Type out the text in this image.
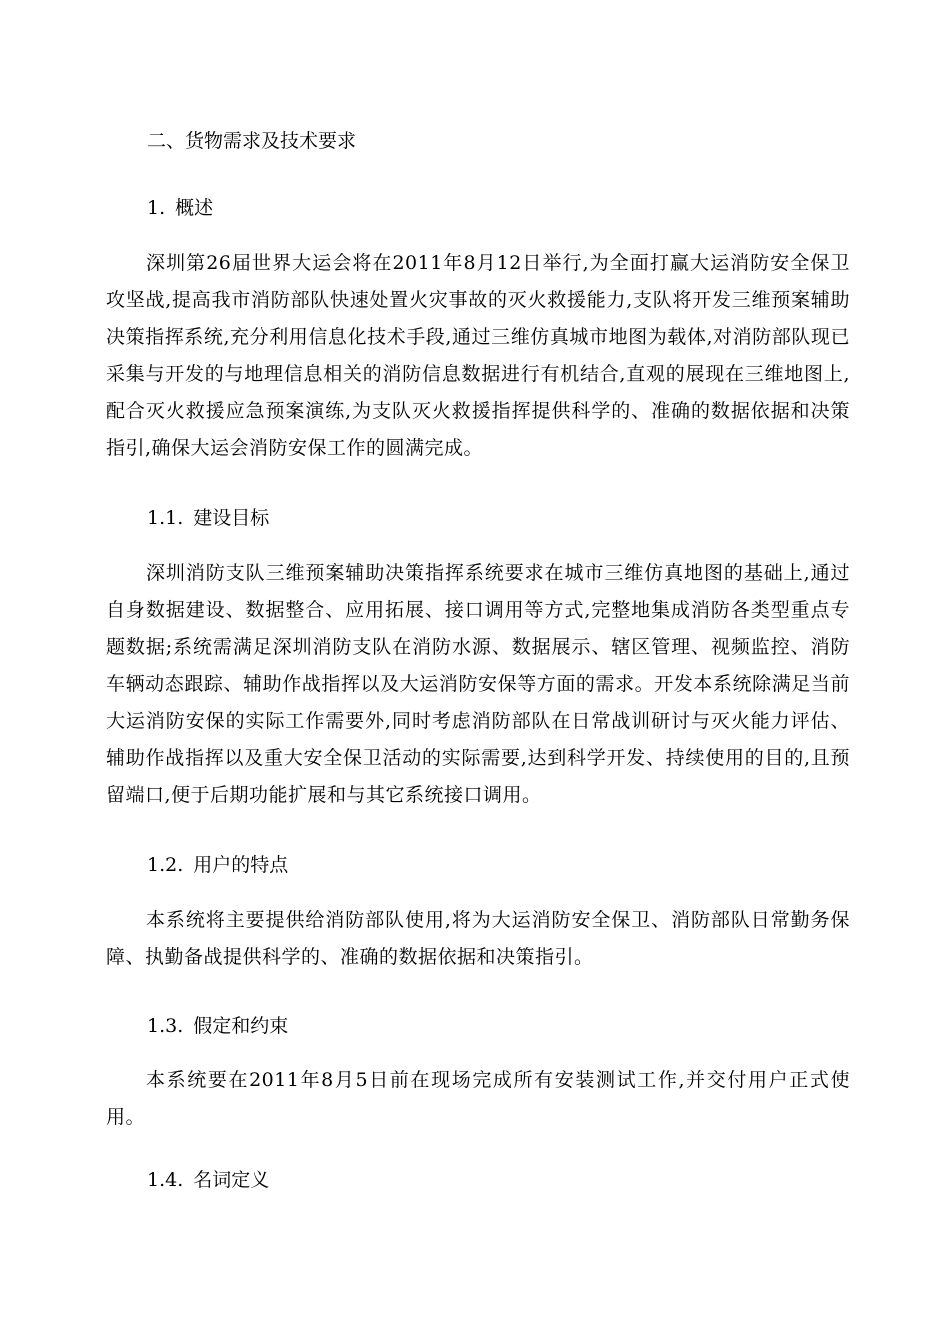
二、货物需求及技术要求
1. 概述
深圳第26届世界大运会将在2011年8月12日举行,为全面打赢大运消防安全保卫攻坚战,提高我市消防部队快速处置火灾事故的灭火救援能力,支队将开发三维预案辅助决策指挥系统,充分利用信息化技术手段,通过三维仿真城市地图为载体,对消防部队现已采集与开发的与地理信息相关的消防信息数据进行有机结合,直观的展现在三维地图上,配合灭火救援应急预案演练,为支队灭火救援指挥提供科学的、准确的数据依据和决策指引,确保大运会消防安保工作的圆满完成。
1.1. 建设目标
深圳消防支队三维预案辅助决策指挥系统要求在城市三维仿真地图的基础上,通过自身数据建设、数据整合、应用拓展、接口调用等方式,完整地集成消防各类型重点专题数据;系统需满足深圳消防支队在消防水源、数据展示、辖区管理、视频监控、消防车辆动态跟踪、辅助作战指挥以及大运消防安保等方面的需求。开发本系统除满足当前大运消防安保的实际工作需要外,同时考虑消防部队在日常战训研讨与灭火能力评估、辅助作战指挥以及重大安全保卫活动的实际需要,达到科学开发、持续使用的目的,且预留端口,便于后期功能扩展和与其它系统接口调用。
1.2. 用户的特点
本系统将主要提供给消防部队使用,将为大运消防安全保卫、消防部队日常勤务保障、执勤备战提供科学的、准确的数据依据和决策指引。
1.3. 假定和约束
本系统要在2011年8月5日前在现场完成所有安装测试工作,并交付用户正式使用。
1.4. 名词定义
